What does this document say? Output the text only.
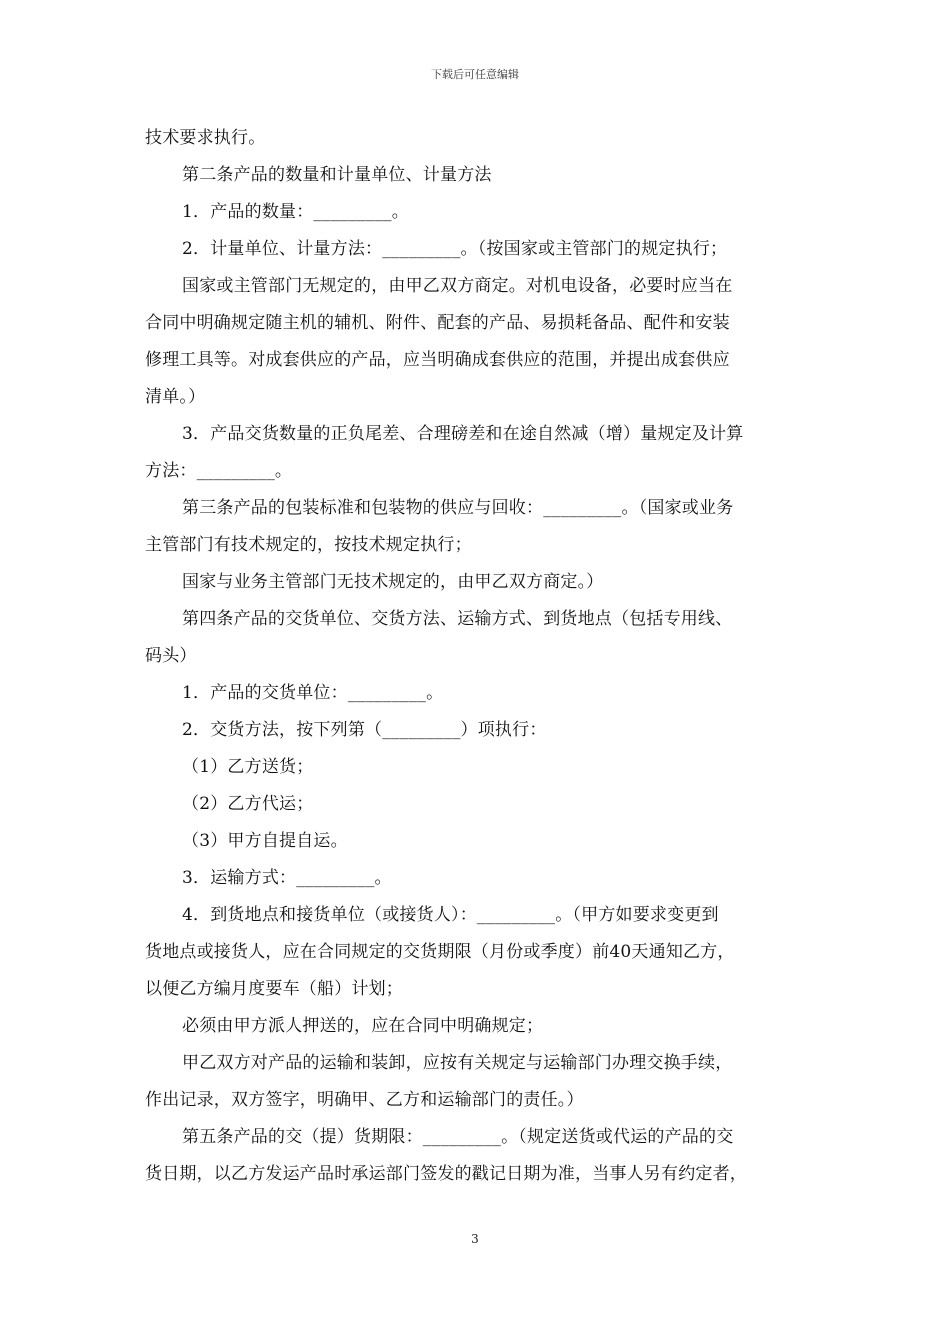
下载后可任意编辑
技术要求执行。
第二条产品的数量和计量单位、计量方法
1．产品的数量：_________。
2．计量单位、计量方法：_________。（按国家或主管部门的规定执行；
国家或主管部门无规定的，由甲乙双方商定。对机电设备，必要时应当在
合同中明确规定随主机的辅机、附件、配套的产品、易损耗备品、配件和安装
修理工具等。对成套供应的产品，应当明确成套供应的范围，并提出成套供应
清单。）
3．产品交货数量的正负尾差、合理磅差和在途自然减（增）量规定及计算
方法：_________。
第三条产品的包装标准和包装物的供应与回收：_________。（国家或业务
主管部门有技术规定的，按技术规定执行；
国家与业务主管部门无技术规定的，由甲乙双方商定。）
第四条产品的交货单位、交货方法、运输方式、到货地点（包括专用线、
码头）
1．产品的交货单位：_________。
2．交货方法，按下列第（_________）项执行：
（1）乙方送货；
（2）乙方代运；
（3）甲方自提自运。
3．运输方式：_________。
4．到货地点和接货单位（或接货人）：_________。（甲方如要求变更到
货地点或接货人，应在合同规定的交货期限（月份或季度）前40天通知乙方，
以便乙方编月度要车（船）计划；
必须由甲方派人押送的，应在合同中明确规定；
甲乙双方对产品的运输和装卸，应按有关规定与运输部门办理交换手续，
作出记录，双方签字，明确甲、乙方和运输部门的责任。）
第五条产品的交（提）货期限：_________。（规定送货或代运的产品的交
货日期，以乙方发运产品时承运部门签发的戳记日期为准，当事人另有约定者，
3
